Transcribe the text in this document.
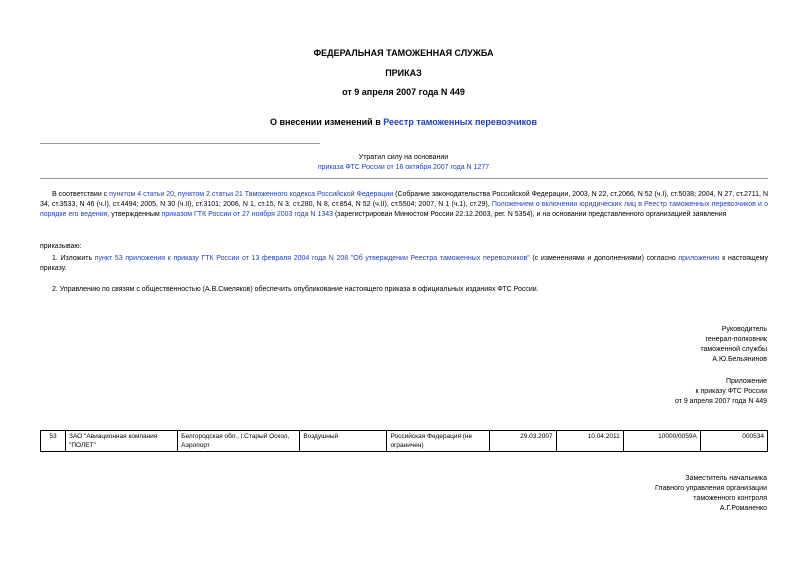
ФЕДЕРАЛЬНАЯ ТАМОЖЕННАЯ СЛУЖБА
ПРИКАЗ
от 9 апреля 2007 года N 449
О внесении изменений в Реестр таможенных перевозчиков
Утратил силу на основании
приказа ФТС России от 16 октября 2007 года N 1277
В соответствии с пунктом 4 статьи 20, пунктом 2 статьи 21 Таможенного кодекса Российской Федерации (Собрание законодательства Российской Федерации, 2003, N 22, ст.2066, N 52 (ч.I), ст.5038; 2004, N 27, ст.2711, N 34, ст.3533, N 46 (ч.I), ст.4494; 2005, N 30 (ч.II), ст.3101; 2006, N 1, ст.15, N 3, ст.280, N 8, ст.854, N 52 (ч.II), ст.5504; 2007, N 1 (ч.1), ст.29), Положением о включении юридических лиц в Реестр таможенных перевозчиков и о порядке его ведения, утвержденным приказом ГТК России от 27 ноября 2003 года N 1343 (зарегистрирован Минюстом России 22.12.2003, рег. N 5354), и на основании представленного организацией заявления
приказываю:
1. Изложить пункт 53 приложения к приказу ГТК России от 13 февраля 2004 года N 208 "Об утверждении Реестра таможенных перевозчиков" (с изменениями и дополнениями) согласно приложению к настоящему приказу.
2. Управлению по связям с общественностью (А.В.Смеляков) обеспечить опубликование настоящего приказа в официальных изданиях ФТС России.
Руководитель
генерал-полковник
таможенной службы
А.Ю.Бельянинов
Приложение
к приказу ФТС России
от 9 апреля 2007 года N 449
53	ЗАО "Авиационная компания "ПОЛЕТ"	Белгородская обл., г.Старый Оскол, Аэропорт	Воздушный	Российская Федерация (не ограничен)	29.03.2007	10.04.2011	10000/0059А	000534
Заместитель начальника
Главного управления организации
таможенного контроля
А.Г.Романенко
